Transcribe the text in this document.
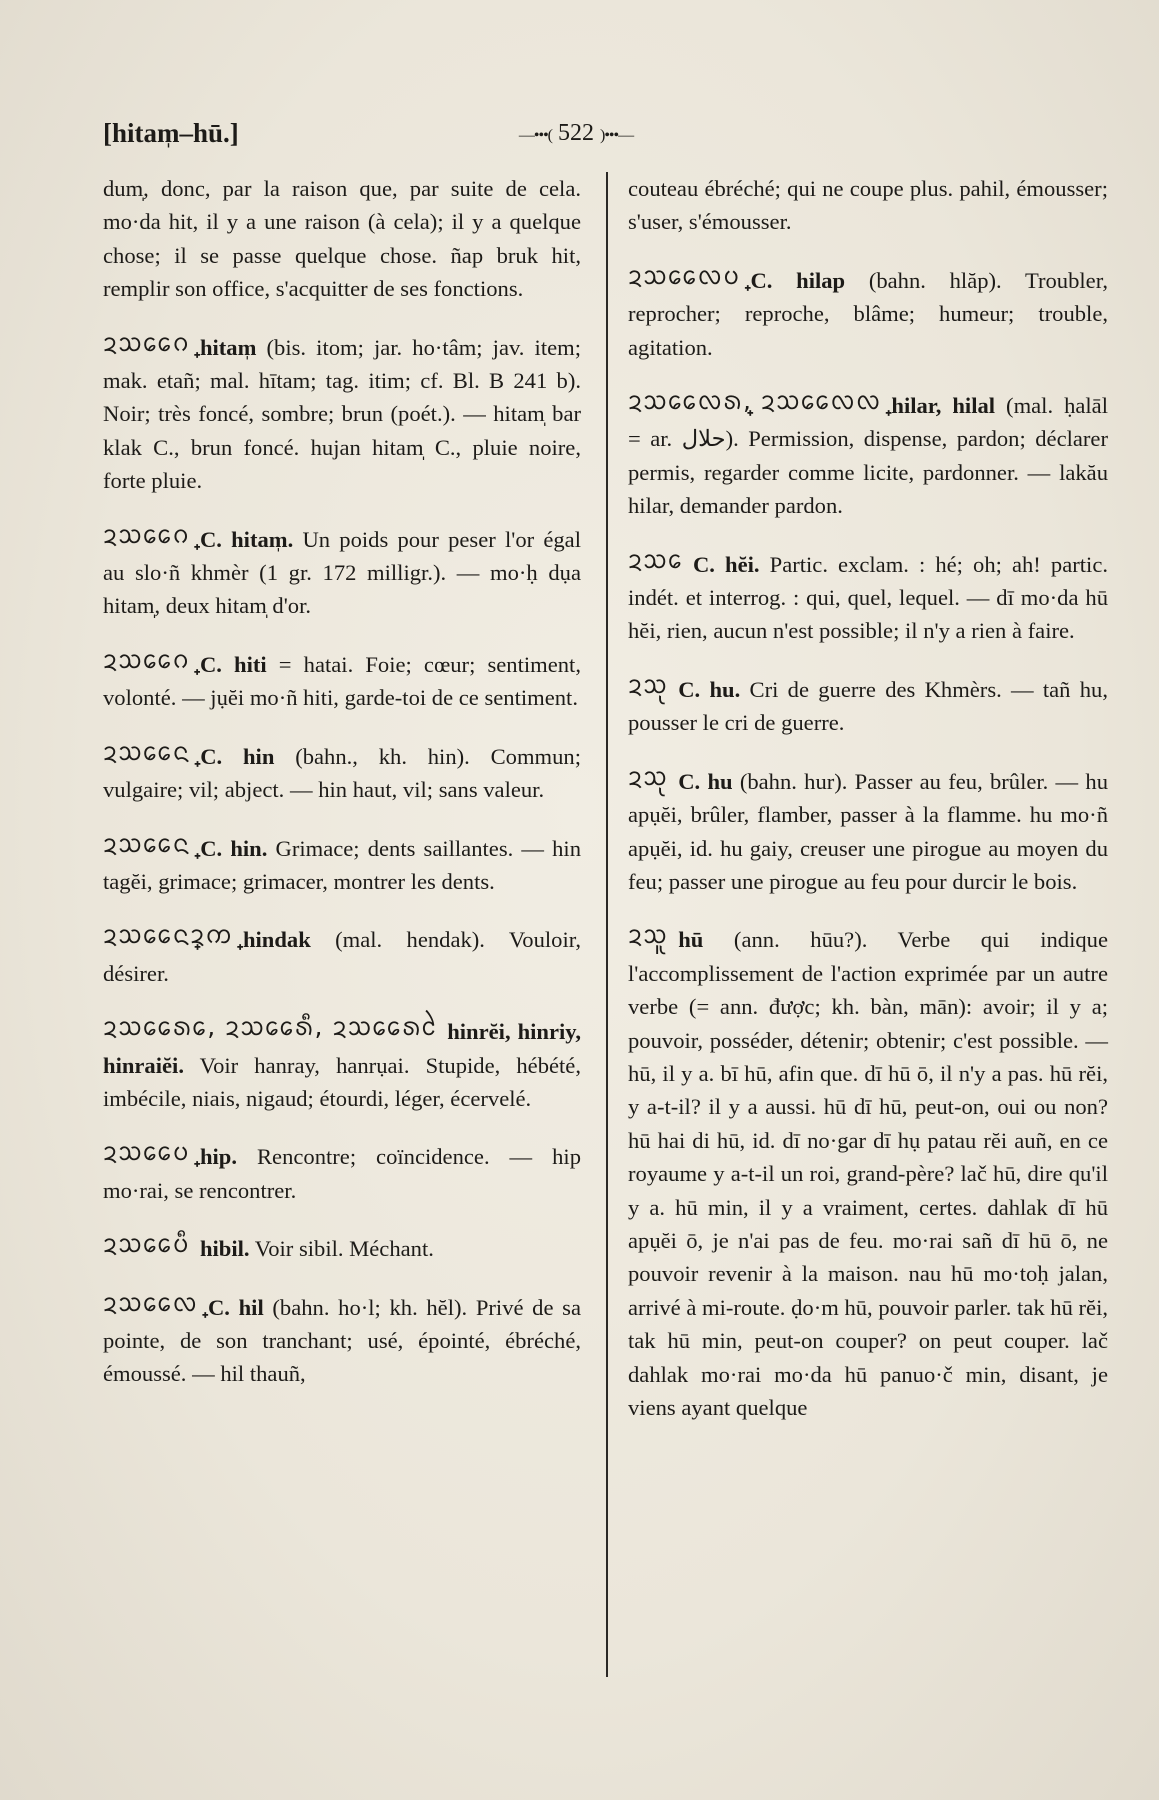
[hitam̩–hū.]	—•••( 522 )•••—

dum̩, donc, par la raison que, par suite de cela. mo·da hit, il y a une raison (à cela); il y a quelque chose; il se passe quelque chose. ñap bruk hit, remplir son office, s'acquitter de ses fonctions.

ᨯᩈᩯᨣ᩠ hitam̩ (bis. itom; jar. ho·tâm; jav. item; mak. etañ; mal. hītam; tag. itim; cf. Bl. B 241 b). Noir; très foncé, sombre; brun (poét.). — hitam̩ bar klak C., brun foncé. hujan hitam̩ C., pluie noire, forte pluie.

ᨯᩈᩯᨣ᩠ C. hitam̩. Un poids pour peser l'or égal au slo·ñ khmèr (1 gr. 172 milligr.). — mo·ḥ dụa hitam̩, deux hitam̩ d'or.

ᨯᩈᩯᨣ᩠ C. hiti = hatai. Foie; cœur; sentiment, volonté. — jụĕi mo·ñ hiti, garde-toi de ce sentiment.

ᨯᩈᩯᨶ᩠ C. hin (bahn., kh. hin). Commun; vulgaire; vil; abject. — hin haut, vil; sans valeur.

ᨯᩈᩯᨶ᩠ C. hin. Grimace; dents saillantes. — hin tagĕi, grimace; grimacer, montrer les dents.

ᨯᩈᩯᨶ᩠ᨯᨠ᩠ hindak (mal. hendak). Vouloir, désirer.

ᨯᩈᩯᩁᩮ, ᨯᩈᩯᩁᩥ, ᨯᩈᩯᩁᩱ hinrĕi, hinriy, hinraiĕi. Voir hanray, hanrụai. Stupide, hébété, imbécile, niais, nigaud; étourdi, léger, écervelé.

ᨯᩈᩯᨷ᩠ hip. Rencontre; coïncidence. — hip mo·rai, se rencontrer.

ᨯᩈᩯᨷᩥ hibil. Voir sibil. Méchant.

ᨯᩈᩯᩃ᩠ C. hil (bahn. ho·l; kh. hĕl). Privé de sa pointe, de son tranchant; usé, épointé, ébréché, émoussé. — hil thauñ,

couteau ébréché; qui ne coupe plus. pahil, émousser; s'user, s'émousser.

ᨯᩈᩯᩃᨷ᩠ C. hilap (bahn. hlăp). Troubler, reprocher; reproche, blâme; humeur; trouble, agitation.

ᨯᩈᩯᩃᩁ᩠, ᨯᩈᩯᩃᩃ᩠ hilar, hilal (mal. ḥalāl = ar. حلال). Permission, dispense, pardon; déclarer permis, regarder comme licite, pardonner. — lakău hilar, demander pardon.

ᨯᩈᩮ C. hĕi. Partic. exclam. : hé; oh; ah! partic. indét. et interrog. : qui, quel, lequel. — dī mo·da hū hĕi, rien, aucun n'est possible; il n'y a rien à faire.

ᨯᩈᩩ C. hu. Cri de guerre des Khmèrs. — tañ hu, pousser le cri de guerre.

ᨯᩈᩩ C. hu (bahn. hur). Passer au feu, brûler. — hu apụĕi, brûler, flamber, passer à la flamme. hu mo·ñ apụĕi, id. hu gaiy, creuser une pirogue au moyen du feu; passer une pirogue au feu pour durcir le bois.

ᨯᩈᩪ hū (ann. hūu?). Verbe qui indique l'accomplissement de l'action exprimée par un autre verbe (= ann. được; kh. bàn, mān): avoir; il y a; pouvoir, posséder, détenir; obtenir; c'est possible. — hū, il y a. bī hū, afin que. dī hū ō, il n'y a pas. hū rĕi, y a-t-il? il y a aussi. hū dī hū, peut-on, oui ou non? hū hai di hū, id. dī no·gar dī hụ patau rĕi auñ, en ce royaume y a-t-il un roi, grand-père? lač hū, dire qu'il y a. hū min, il y a vraiment, certes. dahlak dī hū apụĕi ō, je n'ai pas de feu. mo·rai sañ dī hū ō, ne pouvoir revenir à la maison. nau hū mo·toḥ jalan, arrivé à mi-route. ḍo·m hū, pouvoir parler. tak hū rĕi, tak hū min, peut-on couper? on peut couper. lač dahlak mo·rai mo·da hū panuo·č min, disant, je viens ayant quelque
